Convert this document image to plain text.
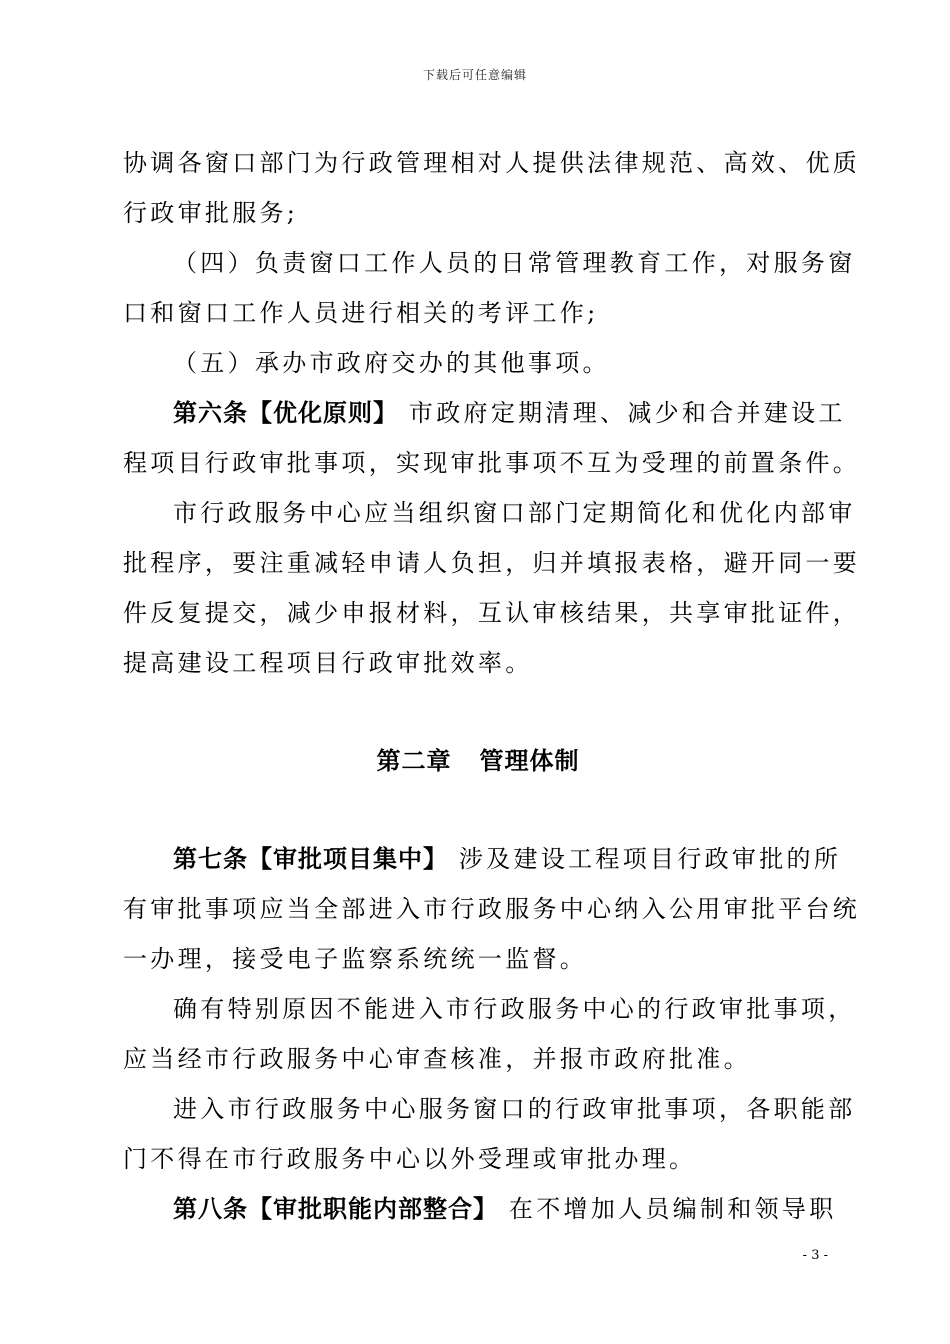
下载后可任意编辑
协调各窗口部门为行政管理相对人提供法律规范、高效、优质
行政审批服务;
（四）负责窗口工作人员的日常管理教育工作，对服务窗
口和窗口工作人员进行相关的考评工作;
（五）承办市政府交办的其他事项。
第六条【优化原则】 市政府定期清理、减少和合并建设工
程项目行政审批事项，实现审批事项不互为受理的前置条件。
市行政服务中心应当组织窗口部门定期简化和优化内部审
批程序，要注重减轻申请人负担，归并填报表格，避开同一要
件反复提交，减少申报材料，互认审核结果，共享审批证件，
提高建设工程项目行政审批效率。
第二章   管理体制
第七条【审批项目集中】 涉及建设工程项目行政审批的所
有审批事项应当全部进入市行政服务中心纳入公用审批平台统
一办理，接受电子监察系统统一监督。
确有特别原因不能进入市行政服务中心的行政审批事项，
应当经市行政服务中心审查核准，并报市政府批准。
进入市行政服务中心服务窗口的行政审批事项，各职能部
门不得在市行政服务中心以外受理或审批办理。
第八条【审批职能内部整合】 在不增加人员编制和领导职
- 3 -
